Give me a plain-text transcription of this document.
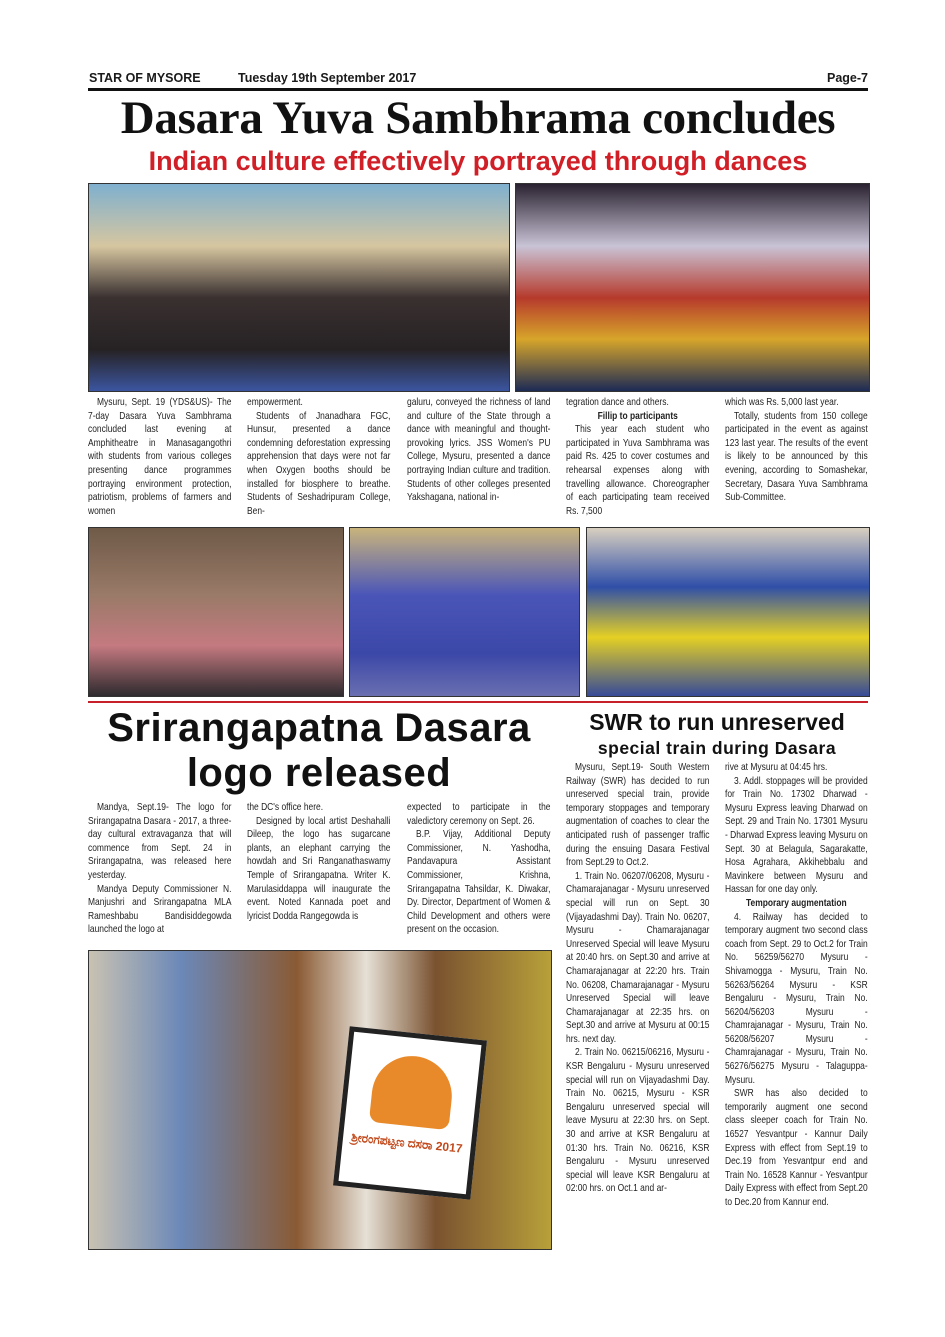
STAR OF MYSORE	Tuesday 19th September 2017	Page-7
Dasara Yuva Sambhrama concludes
Indian culture effectively portrayed through dances

Mysuru, Sept. 19 (YDS&US)- The 7-day Dasara Yuva Sambhrama concluded last evening at Amphitheatre in Manasagangothri with students from various colleges presenting dance programmes portraying environment protection, patriotism, problems of farmers and women

empowerment.

Students of Jnanadhara FGC, Hunsur, presented a dance condemning deforestation expressing apprehension that days were not far when Oxygen booths should be installed for biosphere to breathe. Students of Seshadripuram College, Ben-

galuru, conveyed the richness of land and culture of the State through a dance with meaningful and thought-provoking lyrics. JSS Women's PU College, Mysuru, presented a dance portraying Indian culture and tradition. Students of other colleges presented Yakshagana, national in-

tegration dance and others.

Fillip to participants

This year each student who participated in Yuva Sambhrama was paid Rs. 425 to cover costumes and rehearsal expenses along with travelling allowance. Choreographer of each participating team received Rs. 7,500

which was Rs. 5,000 last year.

Totally, students from 150 college participated in the event as against 123 last year. The results of the event is likely to be announced by this evening, according to Somashekar, Secretary, Dasara Yuva Sambhrama Sub-Committee.

Srirangapatna Dasara
logo released

Mandya, Sept.19- The logo for Srirangapatna Dasara - 2017, a three-day cultural extravaganza that will commence from Sept. 24 in Srirangapatna, was released here yesterday.

Mandya Deputy Commissioner N. Manjushri and Srirangapatna MLA Rameshbabu Bandisiddegowda launched the logo at

the DC's office here.

Designed by local artist Deshahalli Dileep, the logo has sugarcane plants, an elephant carrying the howdah and Sri Ranganathaswamy Temple of Srirangapatna. Writer K. Marulasiddappa will inaugurate the event. Noted Kannada poet and lyricist Dodda Rangegowda is

expected to participate in the valedictory ceremony on Sept. 26.

B.P. Vijay, Additional Deputy Commissioner, N. Yashodha, Pandavapura Assistant Commissioner, Krishna, Srirangapatna Tahsildar, K. Diwakar, Dy. Director, Department of Women & Child Development and others were present on the occasion.

ಶ್ರೀರಂಗಪಟ್ಟಣ ದಸರಾ 2017
SWR to run unreserved
special train during Dasara

Mysuru, Sept.19- South Western Railway (SWR) has decided to run unreserved special train, provide temporary stoppages and temporary augmentation of coaches to clear the anticipated rush of passenger traffic during the ensuing Dasara Festival from Sept.29 to Oct.2.

1. Train No. 06207/06208, Mysuru - Chamarajanagar - Mysuru unreserved special will run on Sept. 30 (Vijayadashmi Day). Train No. 06207, Mysuru - Chamarajanagar Unreserved Special will leave Mysuru at 20:40 hrs. on Sept.30 and arrive at Chamarajanagar at 22:20 hrs. Train No. 06208, Chamarajanagar - Mysuru Unreserved Special will leave Chamarajanagar at 22:35 hrs. on Sept.30 and arrive at Mysuru at 00:15 hrs. next day.

2. Train No. 06215/06216, Mysuru - KSR Bengaluru - Mysuru unreserved special will run on Vijayadashmi Day. Train No. 06215, Mysuru - KSR Bengaluru unreserved special will leave Mysuru at 22:30 hrs. on Sept. 30 and arrive at KSR Bengaluru at 01:30 hrs. Train No. 06216, KSR Bengaluru - Mysuru unreserved special will leave KSR Bengaluru at 02:00 hrs. on Oct.1 and ar-

rive at Mysuru at 04:45 hrs.

3. Addl. stoppages will be provided for Train No. 17302 Dharwad - Mysuru Express leaving Dharwad on Sept. 29 and Train No. 17301 Mysuru - Dharwad Express leaving Mysuru on Sept. 30 at Belagula, Sagarakatte, Hosa Agrahara, Akkihebbalu and Mavinkere between Mysuru and Hassan for one day only.

Temporary augmentation

4. Railway has decided to temporary augment two second class coach from Sept. 29 to Oct.2 for Train No. 56259/56270 Mysuru - Shivamogga - Mysuru, Train No. 56263/56264 Mysuru - KSR Bengaluru - Mysuru, Train No. 56204/56203 Mysuru - Chamrajanagar - Mysuru, Train No. 56208/56207 Mysuru - Chamrajanagar - Mysuru, Train No. 56276/56275 Mysuru - Talaguppa- Mysuru.

SWR has also decided to temporarily augment one second class sleeper coach for Train No. 16527 Yesvantpur - Kannur Daily Express with effect from Sept.19 to Dec.19 from Yesvantpur end and Train No. 16528 Kannur - Yesvantpur Daily Express with effect from Sept.20 to Dec.20 from Kannur end.
